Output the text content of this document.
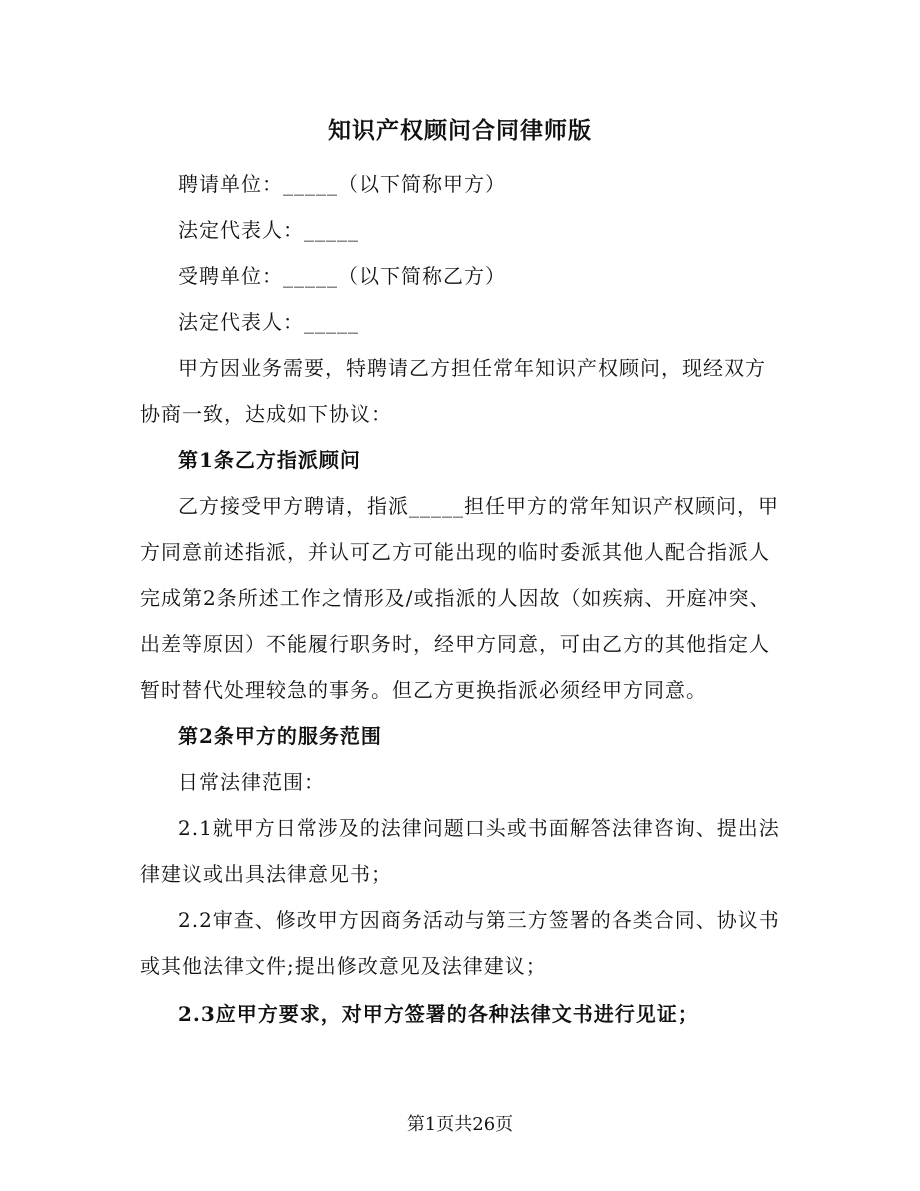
知识产权顾问合同律师版
聘请单位：_____（以下简称甲方）
法定代表人：_____
受聘单位：_____（以下简称乙方）
法定代表人：_____
甲方因业务需要，特聘请乙方担任常年知识产权顾问，现经双方
协商一致，达成如下协议：
第1条乙方指派顾问
乙方接受甲方聘请，指派_____担任甲方的常年知识产权顾问，甲
方同意前述指派，并认可乙方可能出现的临时委派其他人配合指派人
完成第2条所述工作之情形及/或指派的人因故（如疾病、开庭冲突、
出差等原因）不能履行职务时，经甲方同意，可由乙方的其他指定人
暂时替代处理较急的事务。但乙方更换指派必须经甲方同意。
第2条甲方的服务范围
日常法律范围：
2.1就甲方日常涉及的法律问题口头或书面解答法律咨询、提出法
律建议或出具法律意见书；
2.2审查、修改甲方因商务活动与第三方签署的各类合同、协议书
或其他法律文件;提出修改意见及法律建议；
2.3应甲方要求，对甲方签署的各种法律文书进行见证；
第1页共26页
